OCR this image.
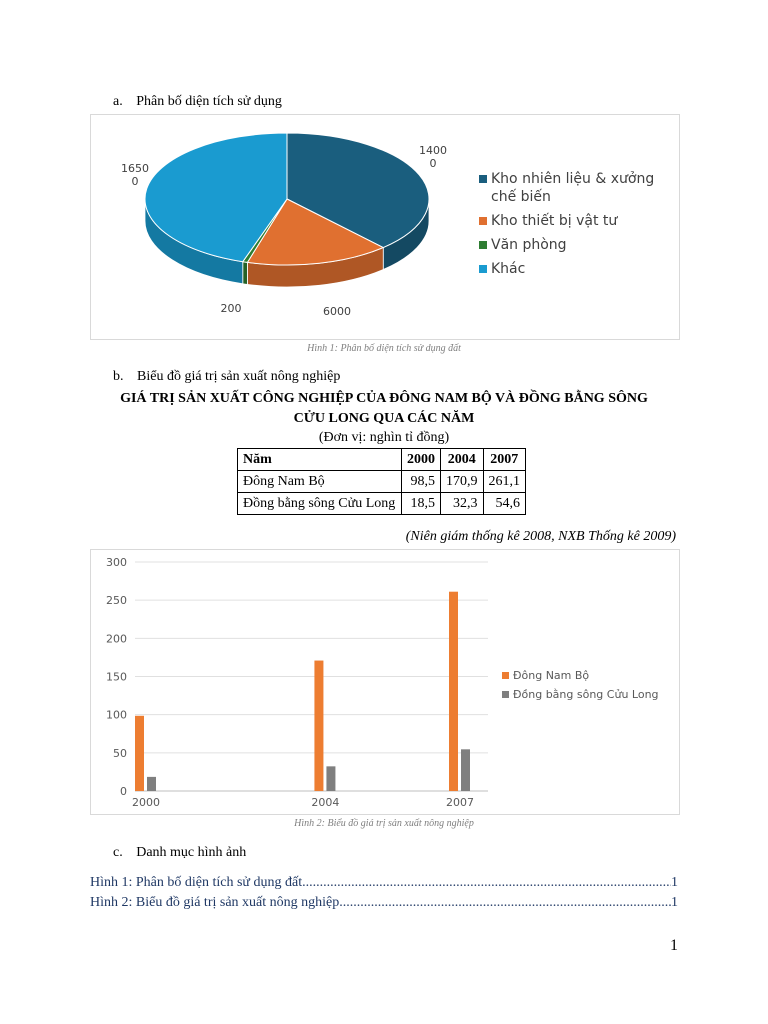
a. Phân bố diện tích sử dụng
1650
0
1400
0
6000
200
Kho nhiên liệu & xưởng chế biến
Kho thiết bị vật tư
Văn phòng
Khác
Hình 1: Phân bố diện tích sử dụng đất
b. Biểu đồ giá trị sản xuất nông nghiệp
GIÁ TRỊ SẢN XUẤT CÔNG NGHIỆP CỦA ĐÔNG NAM BỘ VÀ ĐỒNG BẰNG SÔNG
CỬU LONG QUA CÁC NĂM
(Đơn vị: nghìn tỉ đồng)
Năm	2000	2004	2007
Đông Nam Bộ	98,5	170,9	261,1
Đồng bằng sông Cửu Long	18,5	32,3	54,6
(Niên giám thống kê 2008, NXB Thống kê 2009)
0
50
100
150
200
250
300
2000	2004	2007
Đông Nam Bộ
Đồng bằng sông Cửu Long
Hình 2: Biểu đồ giá trị sản xuất nông nghiệp
c. Danh mục hình ảnh
Hình 1: Phân bố diện tích sử dụng đất .....	1
Hình 2: Biểu đồ giá trị sản xuất nông nghiệp .....	1
1
